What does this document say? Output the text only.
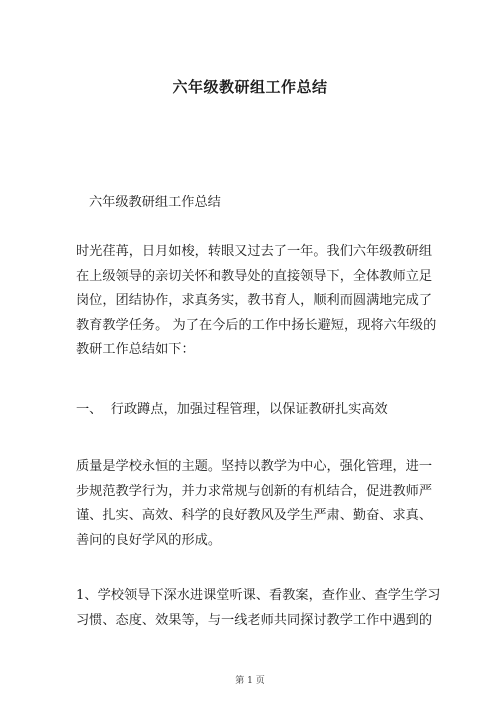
六年级教研组工作总结

六年级教研组工作总结

时光荏苒，日月如梭，转眼又过去了一年。我们六年级教研组

在上级领导的亲切关怀和教导处的直接领导下，全体教师立足

岗位，团结协作，求真务实，教书育人，顺利而圆满地完成了

教育教学任务。 为了在今后的工作中扬长避短，现将六年级的

教研工作总结如下：

一、  行政蹲点，加强过程管理，以保证教研扎实高效

质量是学校永恒的主题。坚持以教学为中心，强化管理，进一

步规范教学行为，并力求常规与创新的有机结合，促进教师严

谨、扎实、高效、科学的良好教风及学生严肃、勤奋、求真、

善问的良好学风的形成。

1、学校领导下深水进课堂听课、看教案，查作业、查学生学习

习惯、态度、效果等，与一线老师共同探讨教学工作中遇到的

第 1 页
